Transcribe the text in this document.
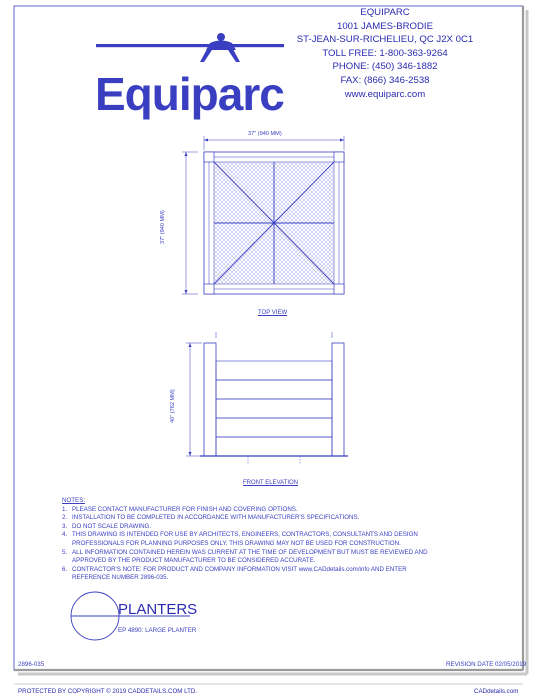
EQUIPARC
1001 JAMES-BRODIE
ST-JEAN-SUR-RICHELIEU, QC J2X 0C1
TOLL FREE: 1-800-363-9264
PHONE: (450) 346-1882
FAX: (866) 346-2538
www.equiparc.com
Equiparc
37" (940 MM)
37" (940 MM)
TOP VIEW
40" (762 MM)
FRONT ELEVATION
NOTES:
1. PLEASE CONTACT MANUFACTURER FOR FINISH AND COVERING OPTIONS.
2. INSTALLATION TO BE COMPLETED IN ACCORDANCE WITH MANUFACTURER'S SPECIFICATIONS.
3. DO NOT SCALE DRAWING.
4. THIS DRAWING IS INTENDED FOR USE BY ARCHITECTS, ENGINEERS, CONTRACTORS, CONSULTANTS AND DESIGN
PROFESSIONALS FOR PLANNING PURPOSES ONLY. THIS DRAWING MAY NOT BE USED FOR CONSTRUCTION.
5. ALL INFORMATION CONTAINED HEREIN WAS CURRENT AT THE TIME OF DEVELOPMENT BUT MUST BE REVIEWED AND
APPROVED BY THE PRODUCT MANUFACTURER TO BE CONSIDERED ACCURATE.
6. CONTRACTOR'S NOTE: FOR PRODUCT AND COMPANY INFORMATION VISIT www.CADdetails.com/info AND ENTER
REFERENCE NUMBER 2896-035.
PLANTERS
EP 4890: LARGE PLANTER
2896-035	REVISION DATE 02/05/2019
PROTECTED BY COPYRIGHT © 2019 CADDETAILS.COM LTD.	CADdetails.com
